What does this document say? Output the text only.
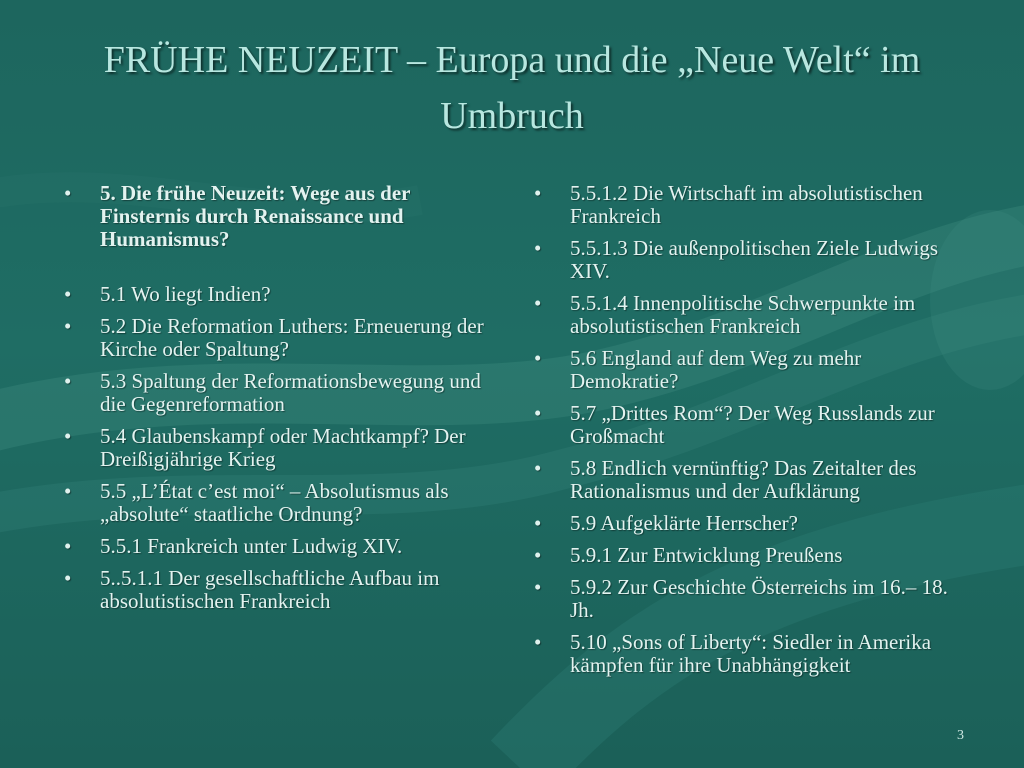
FRÜHE NEUZEIT – Europa und die „Neue Welt“ im Umbruch
• 5. Die frühe Neuzeit: Wege aus der Finsternis durch Renaissance und Humanismus?
• 5.1 Wo liegt Indien?
• 5.2 Die Reformation Luthers: Erneuerung der Kirche oder Spaltung?
• 5.3 Spaltung der Reformationsbewegung und die Gegenreformation
• 5.4 Glaubenskampf oder Machtkampf? Der Dreißigjährige Krieg
• 5.5 „L’État c’est moi“ – Absolutismus als „absolute“ staatliche Ordnung?
• 5.5.1 Frankreich unter Ludwig XIV.
• 5..5.1.1 Der gesellschaftliche Aufbau im absolutistischen Frankreich
• 5.5.1.2 Die Wirtschaft im absolutistischen Frankreich
• 5.5.1.3 Die außenpolitischen Ziele Ludwigs XIV.
• 5.5.1.4 Innenpolitische Schwerpunkte im absolutistischen Frankreich
• 5.6 England auf dem Weg zu mehr Demokratie?
• 5.7 „Drittes Rom“? Der Weg Russlands zur Großmacht
• 5.8 Endlich vernünftig? Das Zeitalter des Rationalismus und der Aufklärung
• 5.9 Aufgeklärte Herrscher?
• 5.9.1 Zur Entwicklung Preußens
• 5.9.2 Zur Geschichte Österreichs im 16.– 18. Jh.
• 5.10 „Sons of Liberty“: Siedler in Amerika kämpfen für ihre Unabhängigkeit
3
